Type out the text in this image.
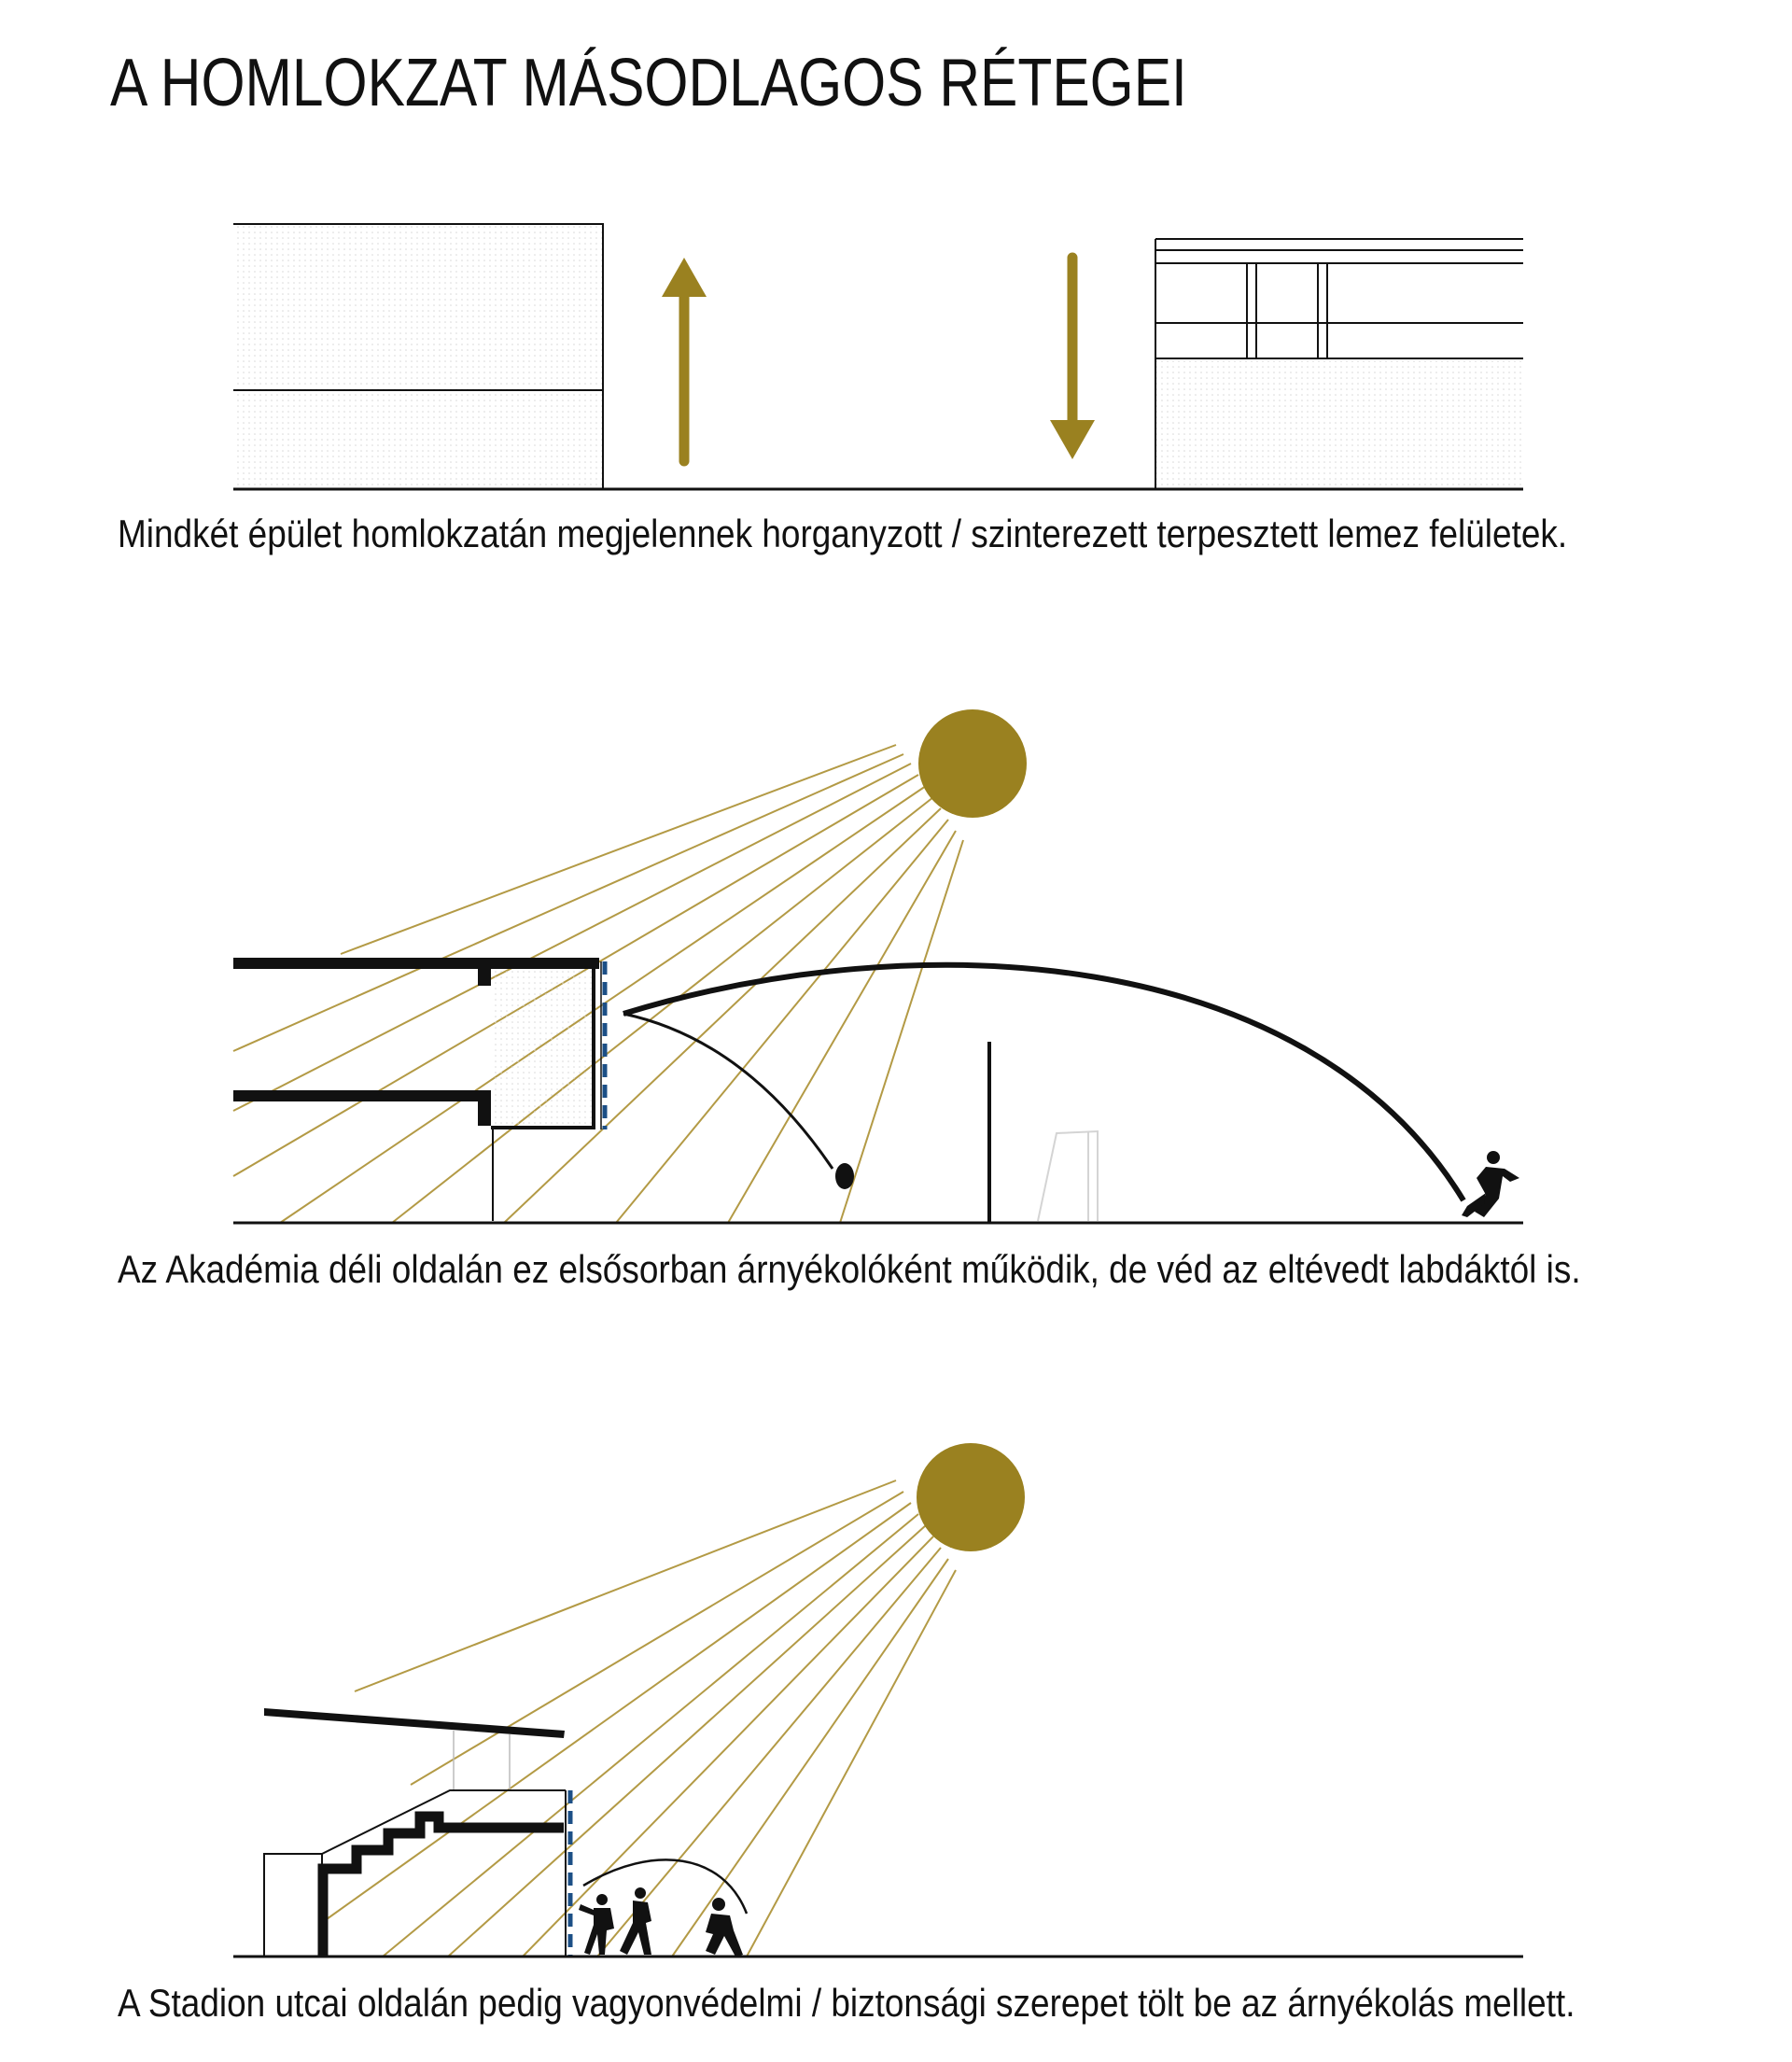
A HOMLOKZAT MÁSODLAGOS RÉTEGEI
Mindkét épület homlokzatán megjelennek horganyzott / szinterezett terpesztett lemez felületek.
Az Akadémia déli oldalán ez elsősorban árnyékolóként működik, de véd az eltévedt labdáktól is.
A Stadion utcai oldalán pedig vagyonvédelmi / biztonsági szerepet tölt be az árnyékolás mellett.
